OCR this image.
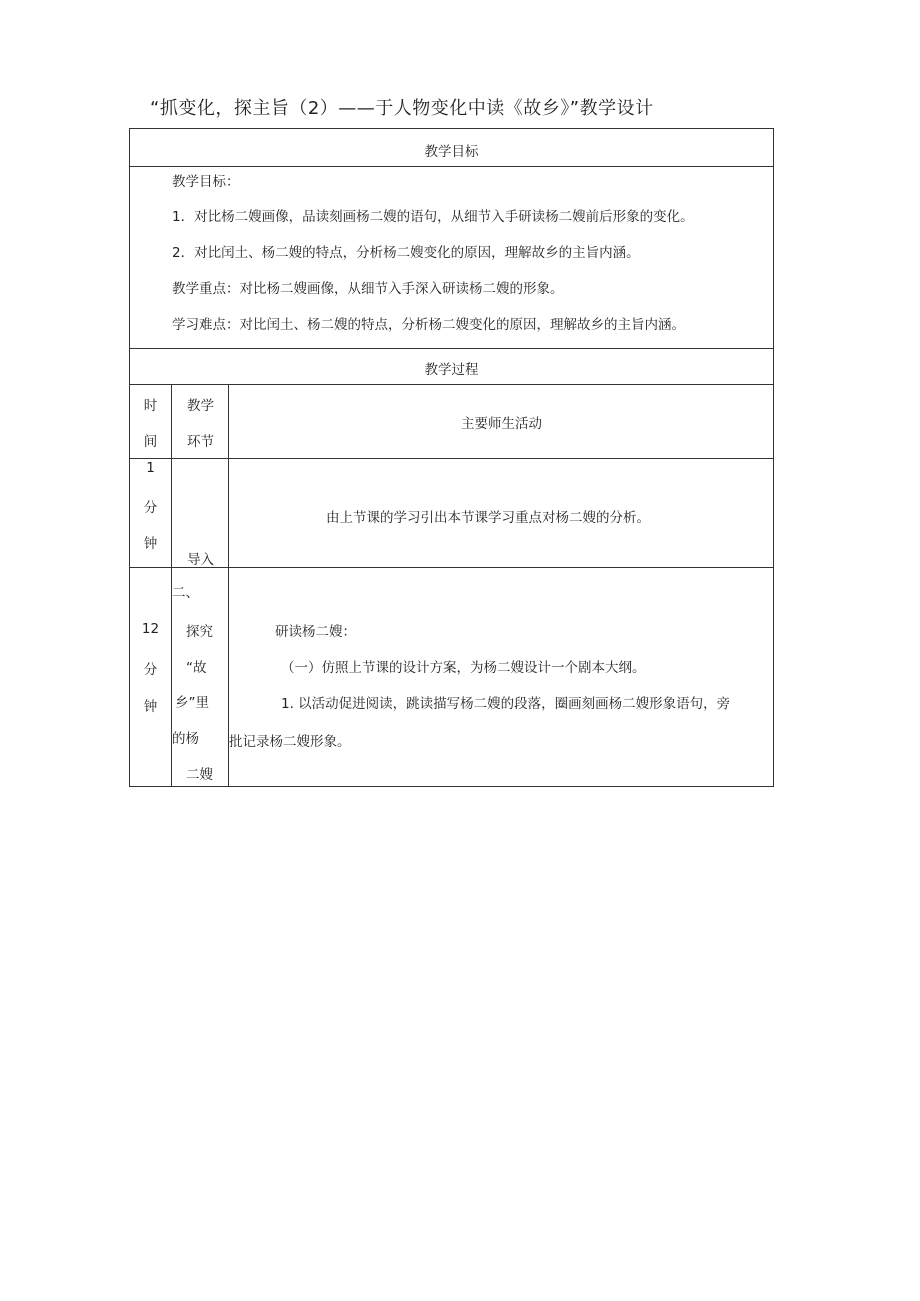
“抓变化，探主旨（2）——于人物变化中读《故乡》”教学设计
教学目标
教学目标：
1．对比杨二嫂画像，品读刻画杨二嫂的语句，从细节入手研读杨二嫂前后形象的变化。
2．对比闰土、杨二嫂的特点，分析杨二嫂变化的原因，理解故乡的主旨内涵。
教学重点：对比杨二嫂画像，从细节入手深入研读杨二嫂的形象。
学习难点：对比闰土、杨二嫂的特点，分析杨二嫂变化的原因，理解故乡的主旨内涵。
教学过程
时
间
教学
环节
主要师生活动
1
分
钟
导入
由上节课的学习引出本节课学习重点对杨二嫂的分析。
12
分
钟
二、
探究
“故
乡”里
的杨
二嫂
研读杨二嫂：
（一）仿照上节课的设计方案，为杨二嫂设计一个剧本大纲。
1. 以活动促进阅读，跳读描写杨二嫂的段落，圈画刻画杨二嫂形象语句，旁
批记录杨二嫂形象。
